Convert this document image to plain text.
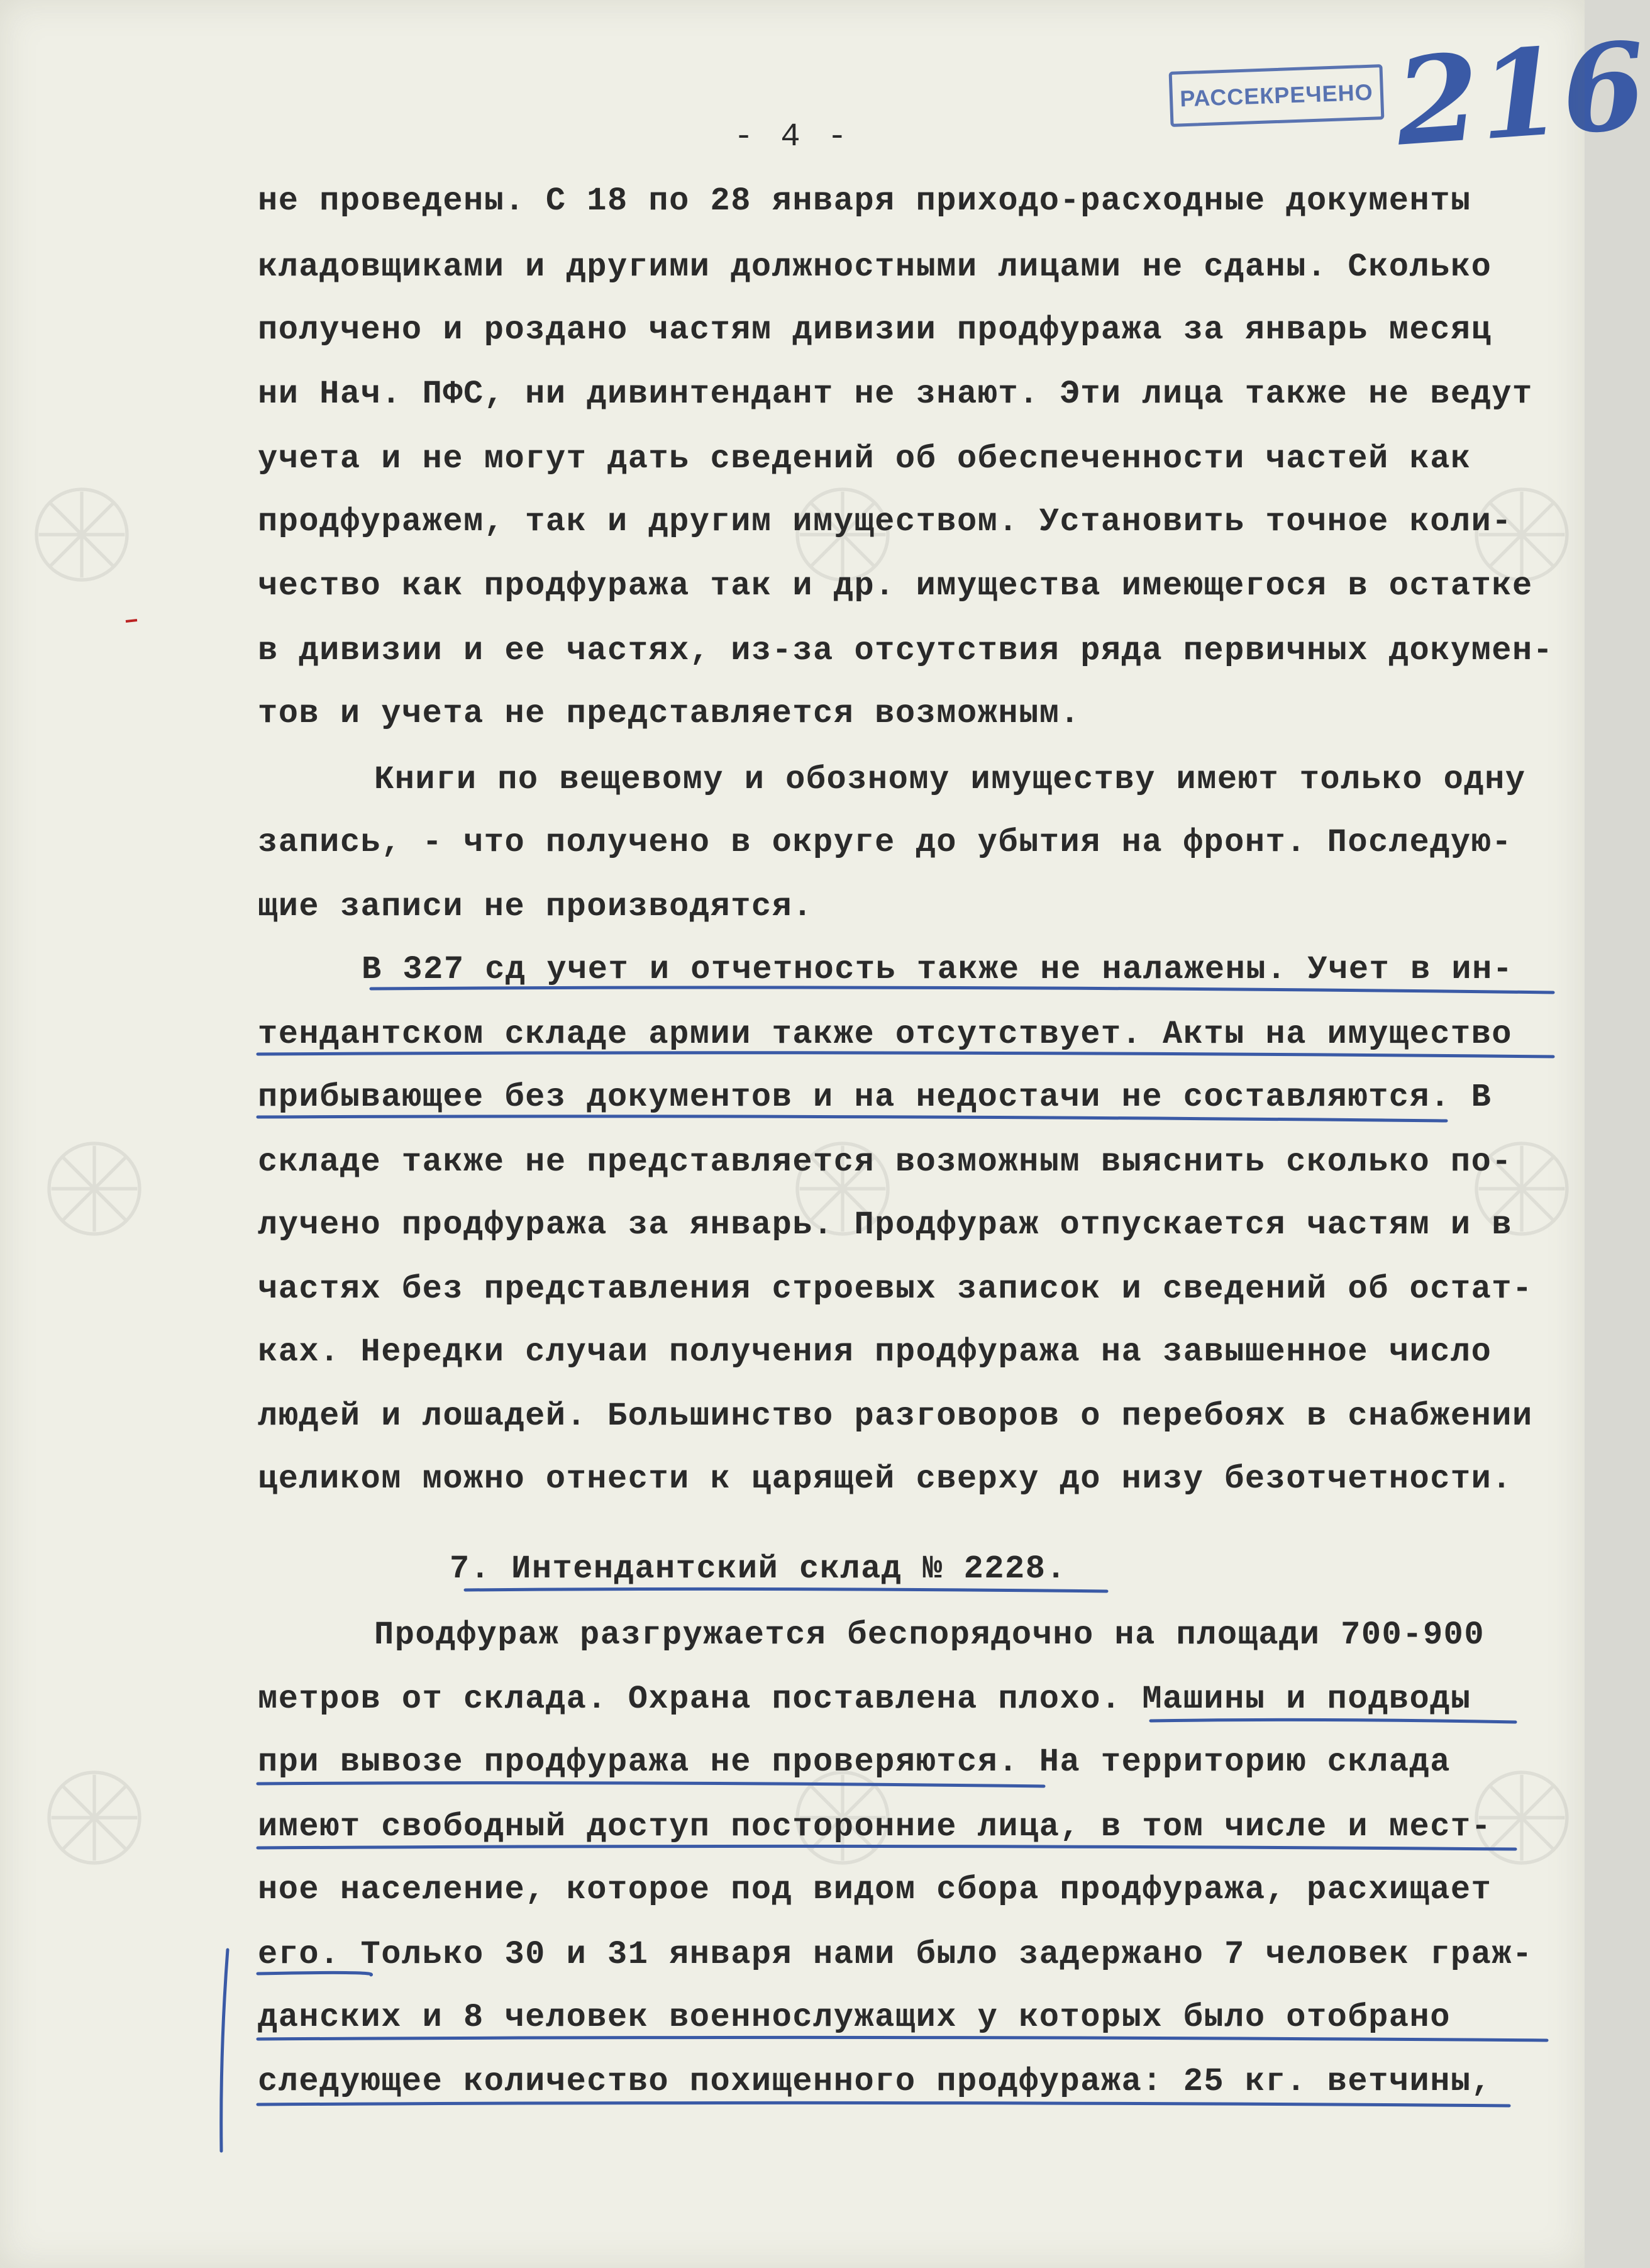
РАССЕКРЕЧЕНО 216
- 4 -
не проведены. С 18 по 28 января приходо-расходные документы
кладовщиками и другими должностными лицами не сданы. Сколько
получено и роздано частям дивизии продфуража за январь месяц
ни Нач. ПФС, ни дивинтендант не знают. Эти лица также не ведут
учета и не могут дать сведений об обеспеченности частей как
продфуражем, так и другим имуществом. Установить точное коли-
чество как продфуража так и др. имущества имеющегося в остатке
в дивизии и ее частях, из-за отсутствия ряда первичных докумен-
тов и учета не представляется возможным.
Книги по вещевому и обозному имуществу имеют только одну
запись, - что получено в округе до убытия на фронт. Последую-
щие записи не производятся.
В 327 сд учет и отчетность также не налажены. Учет в ин-
тендантском складе армии также отсутствует. Акты на имущество
прибывающее без документов и на недостачи не составляются. В
складе также не представляется возможным выяснить сколько по-
лучено продфуража за январь. Продфураж отпускается частям и в
частях без представления строевых записок и сведений об остат-
ках. Нередки случаи получения продфуража на завышенное число
людей и лошадей. Большинство разговоров о перебоях в снабжении
целиком можно отнести к царящей сверху до низу безотчетности.
7. Интендантский склад № 2228.
Продфураж разгружается беспорядочно на площади 700-900
метров от склада. Охрана поставлена плохо. Машины и подводы
при вывозе продфуража не проверяются. На территорию склада
имеют свободный доступ посторонние лица, в том числе и мест-
ное население, которое под видом сбора продфуража, расхищает
его. Только 30 и 31 января нами было задержано 7 человек граж-
данских и 8 человек военнослужащих у которых было отобрано
следующее количество похищенного продфуража: 25 кг. ветчины,
